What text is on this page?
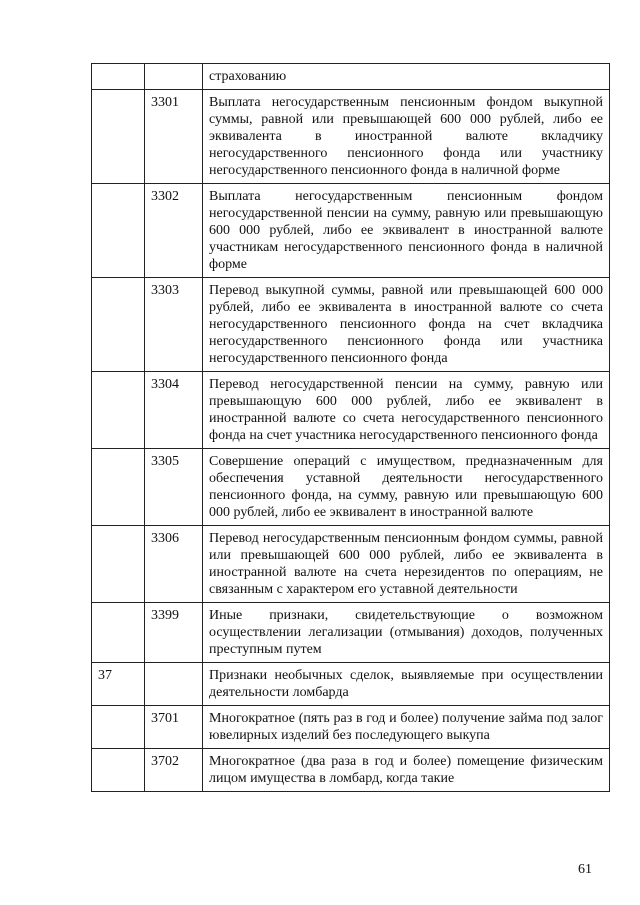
		страхованию
	3301	Выплата негосударственным пенсионным фондом выкупной суммы, равной или превышающей 600 000 рублей, либо ее эквивалента в иностранной валюте вкладчику негосударственного пенсионного фонда или участнику негосударственного пенсионного фонда в наличной форме
	3302	Выплата негосударственным пенсионным фондом негосударственной пенсии на сумму, равную или превышающую 600 000 рублей, либо ее эквивалент в иностранной валюте участникам негосударственного пенсионного фонда в наличной форме
	3303	Перевод выкупной суммы, равной или превышающей 600 000 рублей, либо ее эквивалента в иностранной валюте со счета негосударственного пенсионного фонда на счет вкладчика негосударственного пенсионного фонда или участника негосударственного пенсионного фонда
	3304	Перевод негосударственной пенсии на сумму, равную или превышающую 600 000 рублей, либо ее эквивалент в иностранной валюте со счета негосударственного пенсионного фонда на счет участника негосударственного пенсионного фонда
	3305	Совершение операций с имуществом, предназначенным для обеспечения уставной деятельности негосударственного пенсионного фонда, на сумму, равную или превышающую 600 000 рублей, либо ее эквивалент в иностранной валюте
	3306	Перевод негосударственным пенсионным фондом суммы, равной или превышающей 600 000 рублей, либо ее эквивалента в иностранной валюте на счета нерезидентов по операциям, не связанным с характером его уставной деятельности
	3399	Иные признаки, свидетельствующие о возможном осуществлении легализации (отмывания) доходов, полученных преступным путем
37		Признаки необычных сделок, выявляемые при осуществлении деятельности ломбарда
	3701	Многократное (пять раз в год и более) получение займа под залог ювелирных изделий без последующего выкупа
	3702	Многократное (два раза в год и более) помещение физическим лицом имущества в ломбард, когда такие
61
